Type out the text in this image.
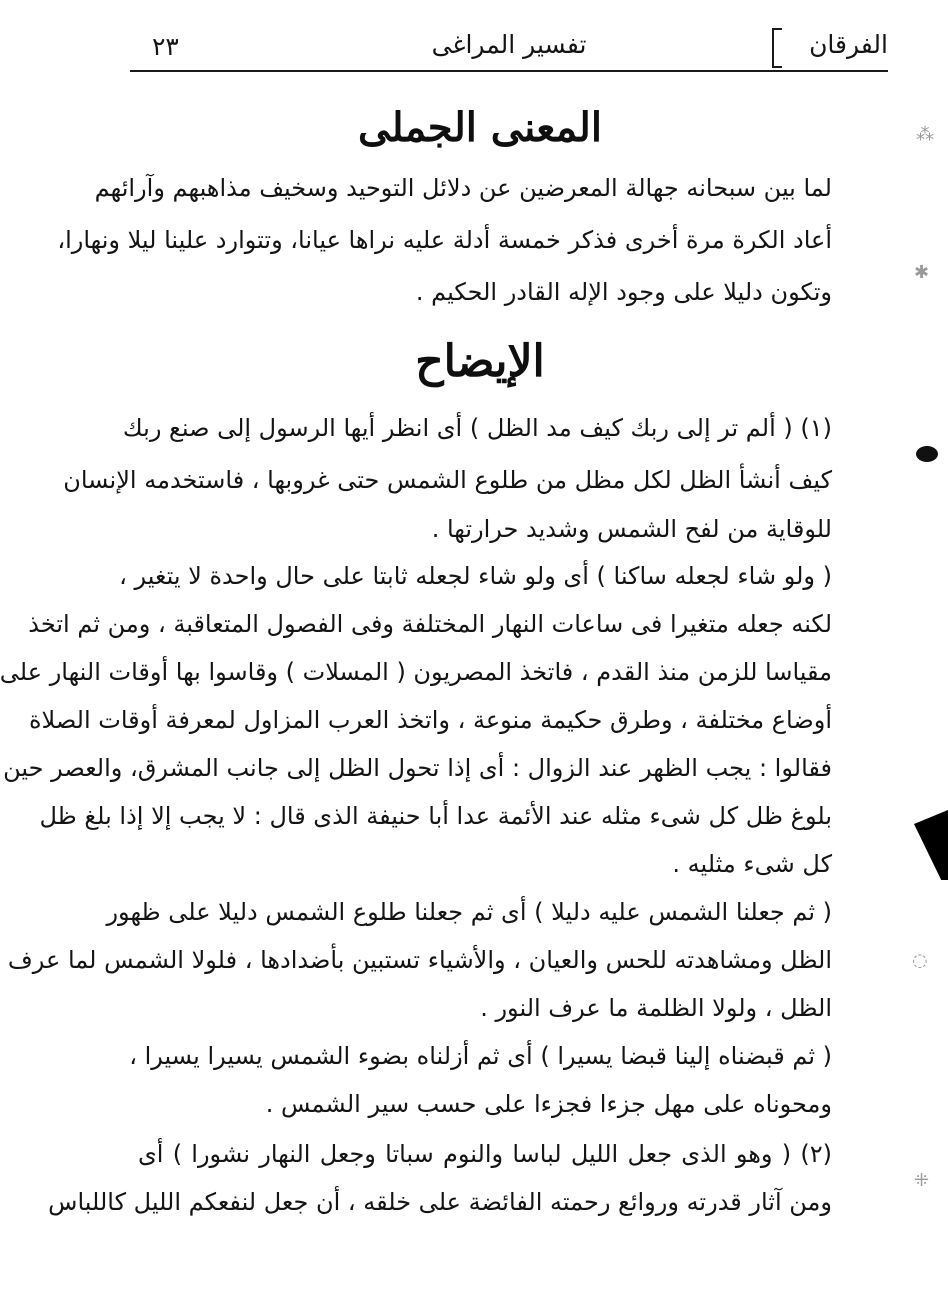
٢٣	تفسير المراغى	الفرقان
المعنى الجملى
لما بين سبحانه جهالة المعرضين عن دلائل التوحيد وسخيف مذاهبهم وآرائهم
أعاد الكرة مرة أخرى فذكر خمسة أدلة عليه نراها عيانا، وتتوارد علينا ليلا ونهارا،
وتكون دليلا على وجود الإله القادر الحكيم .
الإيضاح
(١) ( ألم تر إلى ربك كيف مد الظل ) أى انظر أيها الرسول إلى صنع ربك
كيف أنشأ الظل لكل مظل من طلوع الشمس حتى غروبها ، فاستخدمه الإنسان
للوقاية من لفح الشمس وشديد حرارتها .
( ولو شاء لجعله ساكنا ) أى ولو شاء لجعله ثابتا على حال واحدة لا يتغير ،
لكنه جعله متغيرا فى ساعات النهار المختلفة وفى الفصول المتعاقبة ، ومن ثم اتخذ
مقياسا للزمن منذ القدم ، فاتخذ المصريون ( المسلات ) وقاسوا بها أوقات النهار على
أوضاع مختلفة ، وطرق حكيمة منوعة ، واتخذ العرب المزاول لمعرفة أوقات الصلاة
فقالوا : يجب الظهر عند الزوال : أى إذا تحول الظل إلى جانب المشرق، والعصر حين
بلوغ ظل كل شىء مثله عند الأئمة عدا أبا حنيفة الذى قال : لا يجب إلا إذا بلغ ظل
كل شىء مثليه .
( ثم جعلنا الشمس عليه دليلا ) أى ثم جعلنا طلوع الشمس دليلا على ظهور
الظل ومشاهدته للحس والعيان ، والأشياء تستبين بأضدادها ، فلولا الشمس لما عرف
الظل ، ولولا الظلمة ما عرف النور .
( ثم قبضناه إلينا قبضا يسيرا ) أى ثم أزلناه بضوء الشمس يسيرا يسيرا ،
ومحوناه على مهل جزءا فجزءا على حسب سير الشمس .
(٢) ( وهو الذى جعل الليل لباسا والنوم سباتا وجعل النهار نشورا ) أى
ومن آثار قدرته وروائع رحمته الفائضة على خلقه ، أن جعل لنفعكم الليل كاللباس
⁂
✱
◌
⁜
